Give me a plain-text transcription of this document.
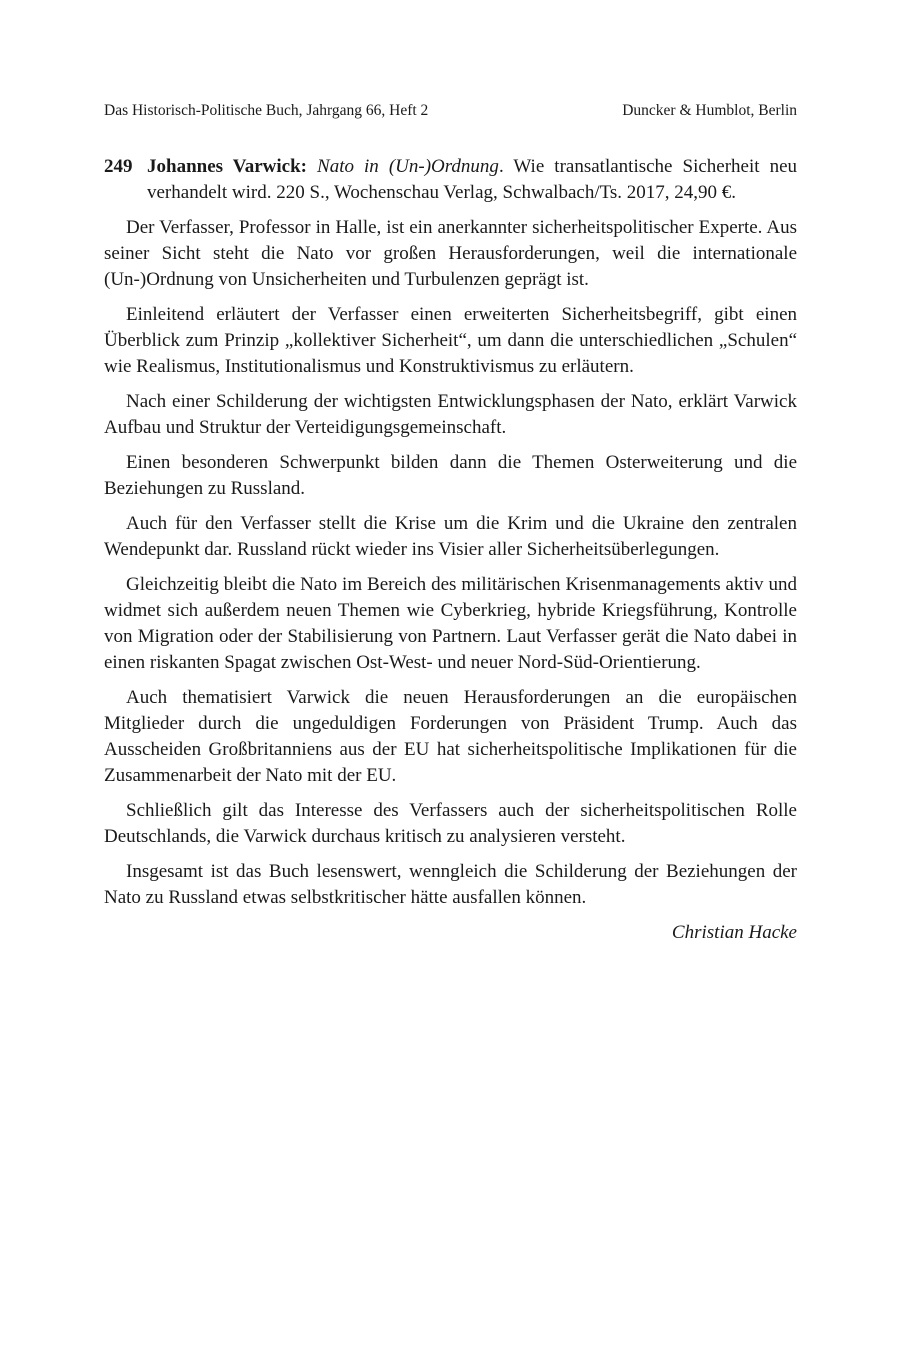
Das Historisch-Politische Buch, Jahrgang 66, Heft 2	Duncker & Humblot, Berlin
249 Johannes Varwick: Nato in (Un-)Ordnung. Wie transatlantische Sicherheit neu verhandelt wird. 220 S., Wochenschau Verlag, Schwalbach/Ts. 2017, 24,90 €.

Der Verfasser, Professor in Halle, ist ein anerkannter sicherheitspolitischer Experte. Aus seiner Sicht steht die Nato vor großen Herausforderungen, weil die internationale (Un-)Ordnung von Unsicherheiten und Turbulenzen geprägt ist.

Einleitend erläutert der Verfasser einen erweiterten Sicherheitsbegriff, gibt einen Überblick zum Prinzip „kollektiver Sicherheit“, um dann die unterschiedlichen „Schulen“ wie Realismus, Institutionalismus und Konstruktivismus zu erläutern.

Nach einer Schilderung der wichtigsten Entwicklungsphasen der Nato, erklärt Varwick Aufbau und Struktur der Verteidigungsgemeinschaft.

Einen besonderen Schwerpunkt bilden dann die Themen Osterweiterung und die Beziehungen zu Russland.

Auch für den Verfasser stellt die Krise um die Krim und die Ukraine den zentralen Wendepunkt dar. Russland rückt wieder ins Visier aller Sicherheitsüberlegungen.

Gleichzeitig bleibt die Nato im Bereich des militärischen Krisenmanagements aktiv und widmet sich außerdem neuen Themen wie Cyberkrieg, hybride Kriegsführung, Kontrolle von Migration oder der Stabilisierung von Partnern. Laut Verfasser gerät die Nato dabei in einen riskanten Spagat zwischen Ost-West- und neuer Nord-Süd-Orientierung.

Auch thematisiert Varwick die neuen Herausforderungen an die europäischen Mitglieder durch die ungeduldigen Forderungen von Präsident Trump. Auch das Ausscheiden Großbritanniens aus der EU hat sicherheitspolitische Implikationen für die Zusammenarbeit der Nato mit der EU.

Schließlich gilt das Interesse des Verfassers auch der sicherheitspolitischen Rolle Deutschlands, die Varwick durchaus kritisch zu analysieren versteht.

Insgesamt ist das Buch lesenswert, wenngleich die Schilderung der Beziehungen der Nato zu Russland etwas selbstkritischer hätte ausfallen können.

Christian Hacke
